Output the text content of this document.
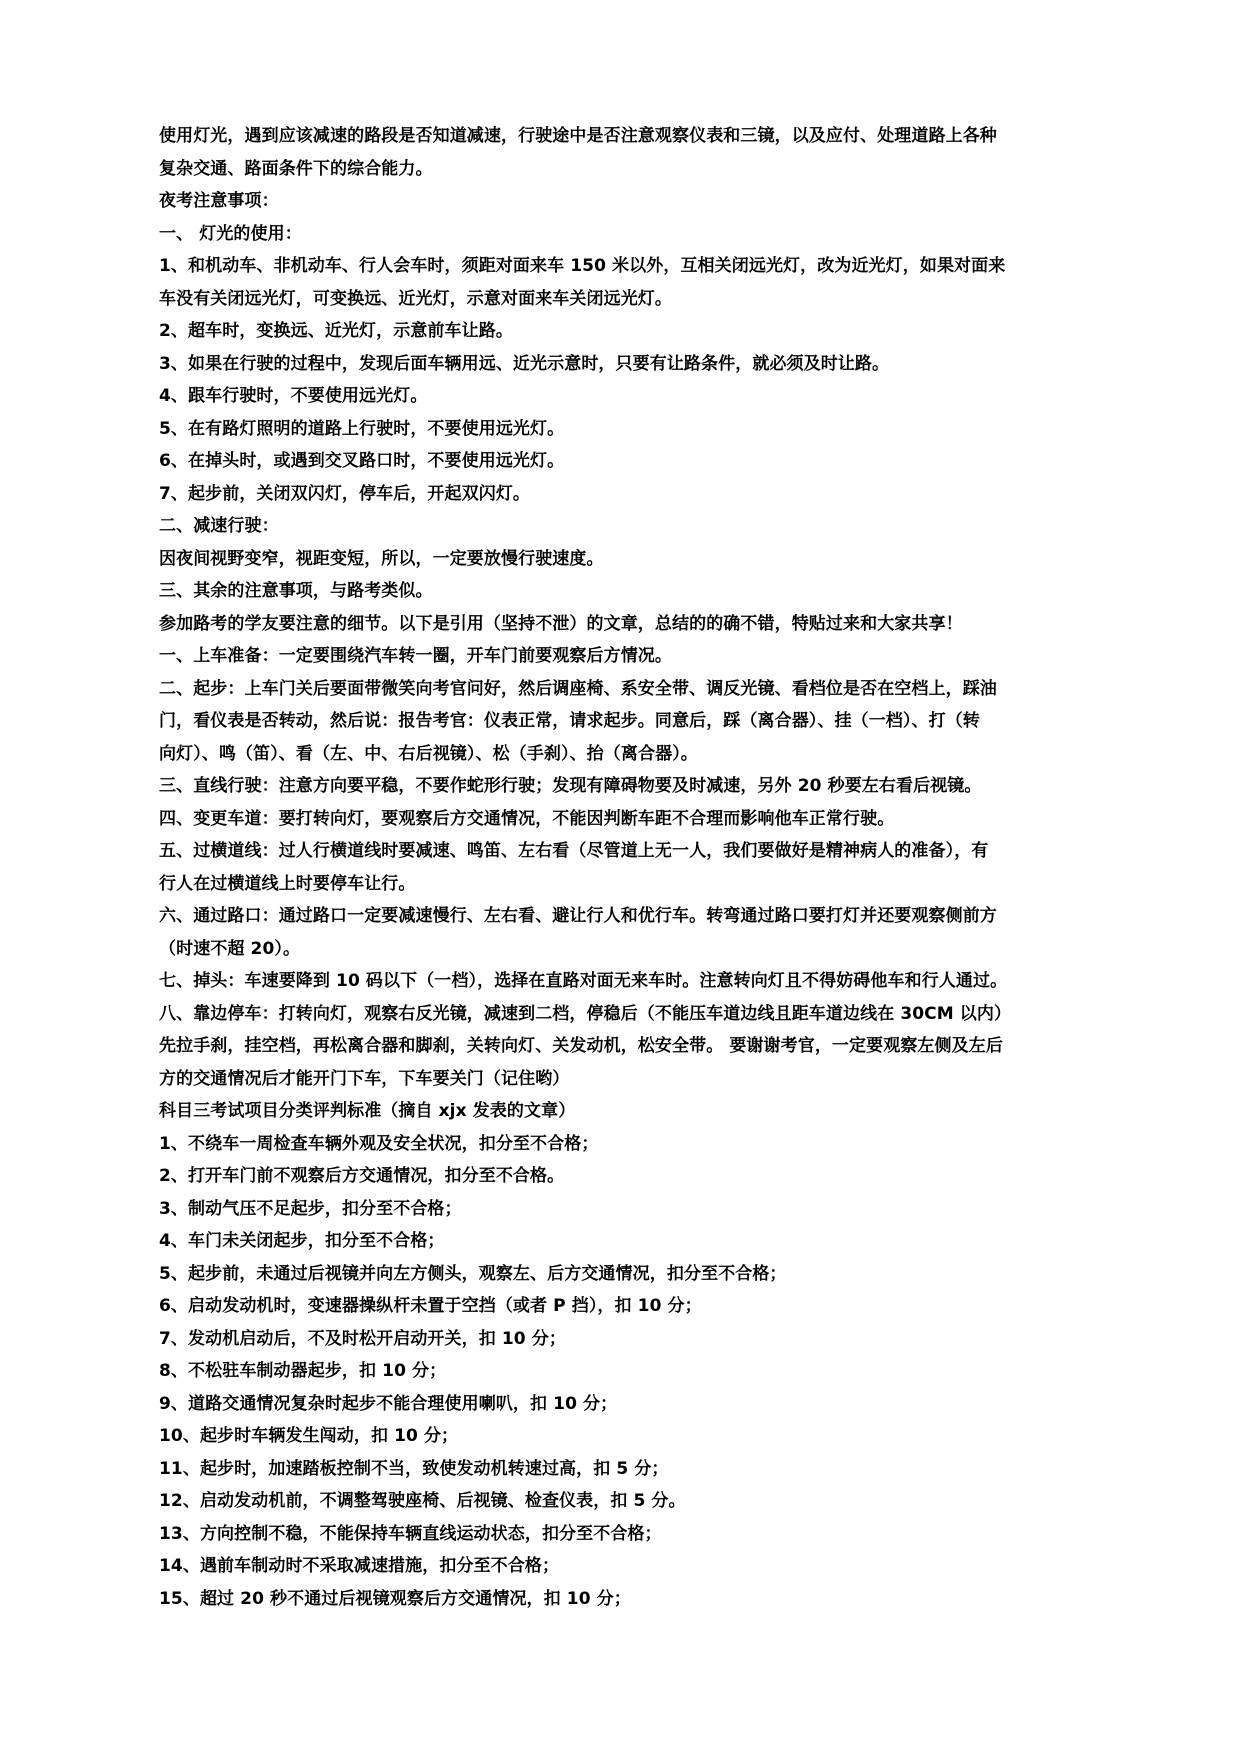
使用灯光，遇到应该减速的路段是否知道减速，行驶途中是否注意观察仪表和三镜，以及应付、处理道路上各种
复杂交通、路面条件下的综合能力。
夜考注意事项：
一、 灯光的使用：
1、和机动车、非机动车、行人会车时，须距对面来车 150 米以外，互相关闭远光灯，改为近光灯，如果对面来
车没有关闭远光灯，可变换远、近光灯，示意对面来车关闭远光灯。
2、超车时，变换远、近光灯，示意前车让路。
3、如果在行驶的过程中，发现后面车辆用远、近光示意时，只要有让路条件，就必须及时让路。
4、跟车行驶时，不要使用远光灯。
5、在有路灯照明的道路上行驶时，不要使用远光灯。
6、在掉头时，或遇到交叉路口时，不要使用远光灯。
7、起步前，关闭双闪灯，停车后，开起双闪灯。
二、减速行驶：
因夜间视野变窄，视距变短，所以，一定要放慢行驶速度。
三、其余的注意事项，与路考类似。
参加路考的学友要注意的细节。以下是引用（坚持不泄）的文章，总结的的确不错，特贴过来和大家共享！
一、上车准备：一定要围绕汽车转一圈，开车门前要观察后方情况。
二、起步：上车门关后要面带微笑向考官问好，然后调座椅、系安全带、调反光镜、看档位是否在空档上，踩油
门，看仪表是否转动，然后说：报告考官：仪表正常，请求起步。同意后，踩（离合器）、挂（一档）、打（转
向灯）、鸣（笛）、看（左、中、右后视镜）、松（手刹）、抬（离合器）。
三、直线行驶：注意方向要平稳，不要作蛇形行驶；发现有障碍物要及时减速，另外 20 秒要左右看后视镜。
四、变更车道：要打转向灯，要观察后方交通情况，不能因判断车距不合理而影响他车正常行驶。
五、过横道线：过人行横道线时要减速、鸣笛、左右看（尽管道上无一人，我们要做好是精神病人的准备），有
行人在过横道线上时要停车让行。
六、通过路口：通过路口一定要减速慢行、左右看、避让行人和优行车。转弯通过路口要打灯并还要观察侧前方
（时速不超 20）。
七、掉头：车速要降到 10 码以下（一档），选择在直路对面无来车时。注意转向灯且不得妨碍他车和行人通过。
八、靠边停车：打转向灯，观察右反光镜，减速到二档，停稳后（不能压车道边线且距车道边线在 30CM 以内）
先拉手刹，挂空档，再松离合器和脚刹，关转向灯、关发动机，松安全带。 要谢谢考官，一定要观察左侧及左后
方的交通情况后才能开门下车，下车要关门（记住哟）
科目三考试项目分类评判标准（摘自 xjx 发表的文章）
1、不绕车一周检查车辆外观及安全状况，扣分至不合格；
2、打开车门前不观察后方交通情况，扣分至不合格。
3、制动气压不足起步，扣分至不合格；
4、车门未关闭起步，扣分至不合格；
5、起步前，未通过后视镜并向左方侧头，观察左、后方交通情况，扣分至不合格；
6、启动发动机时，变速器操纵杆未置于空挡（或者 P 挡），扣 10 分；
7、发动机启动后，不及时松开启动开关，扣 10 分；
8、不松驻车制动器起步，扣 10 分；
9、道路交通情况复杂时起步不能合理使用喇叭，扣 10 分；
10、起步时车辆发生闯动，扣 10 分；
11、起步时，加速踏板控制不当，致使发动机转速过高，扣 5 分；
12、启动发动机前，不调整驾驶座椅、后视镜、检查仪表，扣 5 分。
13、方向控制不稳，不能保持车辆直线运动状态，扣分至不合格；
14、遇前车制动时不采取减速措施，扣分至不合格；
15、超过 20 秒不通过后视镜观察后方交通情况，扣 10 分；
